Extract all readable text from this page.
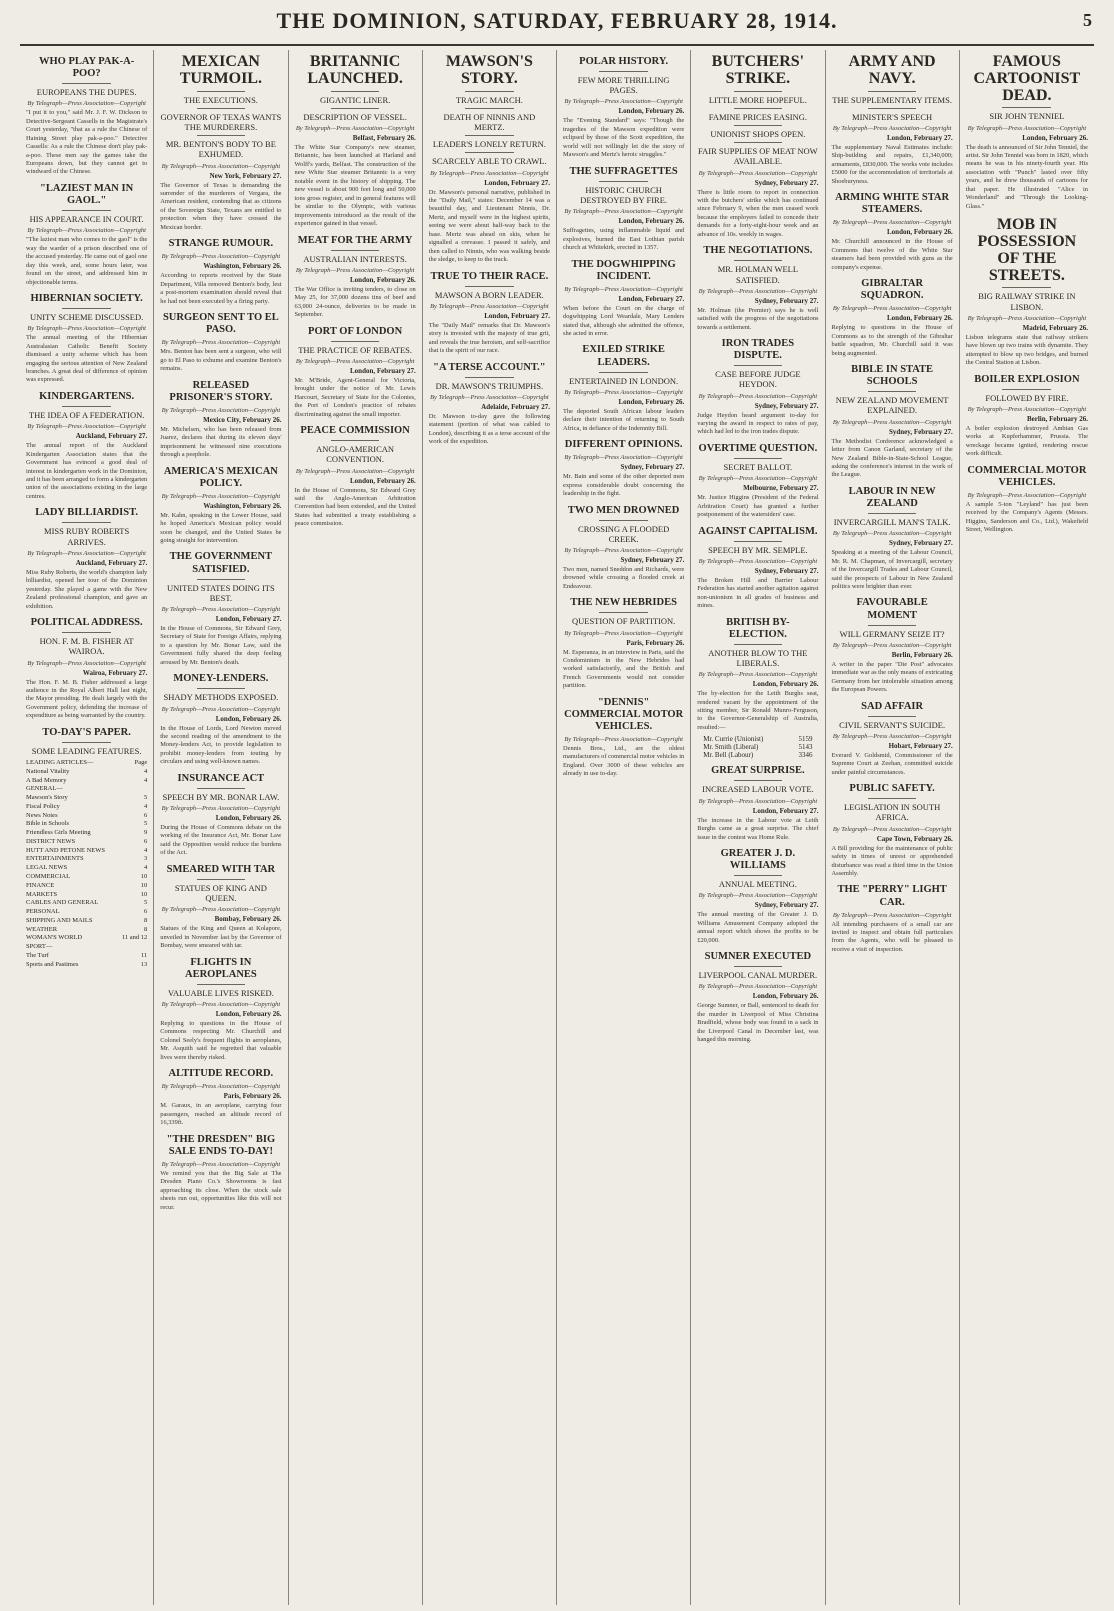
THE DOMINION, SATURDAY, FEBRUARY 28, 1914.	5
WHO PLAY PAK-A-POO?
EUROPEANS THE DUPES.
By Telegraph—Press Association—Copyright

"I put it to you," said Mr. J. F. W. Dickson to Detective-Sergeant Cassells in the Magistrate's Court yesterday, "that as a rule the Chinese of Haining Street play pak-a-poo." Detective Cassells: As a rule the Chinese don't play pak-a-poo. These men say the games take the Europeans down, but they cannot get to windward of the Chinese.

"LAZIEST MAN IN GAOL."
HIS APPEARANCE IN COURT.
By Telegraph—Press Association—Copyright

"The laziest man who comes to the gaol" is the way the warder of a prison described one of the accused yesterday. He came out of gaol one day this week, and, some hours later, was found on the street, and addressed him in objectionable terms.

HIBERNIAN SOCIETY.
UNITY SCHEME DISCUSSED.
By Telegraph—Press Association—Copyright

The annual meeting of the Hibernian Australasian Catholic Benefit Society dismissed a unity scheme which has been engaging the serious attention of New Zealand branches. A great deal of difference of opinion was expressed.

KINDERGARTENS.
THE IDEA OF A FEDERATION.
By Telegraph—Press Association—Copyright
Auckland, February 27.

The annual report of the Auckland Kindergarten Association states that the Government has evinced a good deal of interest in kindergarten work in the Dominion, and it has been arranged to form a kindergarten union of the associations existing in the large centres.

LADY BILLIARDIST.
MISS RUBY ROBERTS ARRIVES.
By Telegraph—Press Association—Copyright
Auckland, February 27.

Miss Ruby Roberts, the world's champion lady billiardist, opened her tour of the Dominion yesterday. She played a game with the New Zealand professional champion, and gave an exhibition.

POLITICAL ADDRESS.
HON. F. M. B. FISHER AT WAIROA.
By Telegraph—Press Association—Copyright
Wairoa, February 27.

The Hon. F. M. B. Fisher addressed a large audience in the Royal Albert Hall last night, the Mayor presiding. He dealt largely with the Government policy, defending the increase of expenditure as being warranted by the country.

TO-DAY'S PAPER.
SOME LEADING FEATURES.
LEADING ARTICLES—	Page
National Vitality	4
A Bad Memory	4
GENERAL—
Mawson's Story	5
Fiscal Policy	4
News Notes	6
Bible in Schools	5
Friendless Girls Meeting	9
DISTRICT NEWS	6
HUTT AND PETONE NEWS	4
ENTERTAINMENTS	3
LEGAL NEWS	4
COMMERCIAL	10
FINANCE	10
MARKETS	10
CABLES AND GENERAL	5
PERSONAL	6
SHIPPING AND MAILS	8
WEATHER	8
WOMAN'S WORLD	11 and 12
SPORT—
The Turf	11
Sports and Pastimes	13
MEXICAN TURMOIL.
THE EXECUTIONS.
GOVERNOR OF TEXAS WANTS THE MURDERERS.
MR. BENTON'S BODY TO BE EXHUMED.
By Telegraph—Press Association—Copyright
New York, February 27.

The Governor of Texas is demanding the surrender of the murderers of Vergara, the American resident, contending that as citizens of the Sovereign State, Texans are entitled to protection when they have crossed the Mexican border.

STRANGE RUMOUR.
By Telegraph—Press Association—Copyright
Washington, February 26.

According to reports received by the State Department, Villa removed Benton's body, lest a post-mortem examination should reveal that he had not been executed by a firing party.

SURGEON SENT TO EL PASO.
By Telegraph—Press Association—Copyright

Mrs. Benton has been sent a surgeon, who will go to El Paso to exhume and examine Benton's remains.

RELEASED PRISONER'S STORY.
By Telegraph—Press Association—Copyright
Mexico City, February 26.

Mr. Michelsen, who has been released from Juarez, declares that during its eleven days' imprisonment he witnessed nine executions through a peephole.

AMERICA'S MEXICAN POLICY.
By Telegraph—Press Association—Copyright
Washington, February 26.

Mr. Kahn, speaking in the Lower House, said he hoped America's Mexican policy would soon be changed, and the United States be going straight for intervention.

THE GOVERNMENT SATISFIED.
UNITED STATES DOING ITS BEST.
By Telegraph—Press Association—Copyright
London, February 27.

In the House of Commons, Sir Edward Grey, Secretary of State for Foreign Affairs, replying to a question by Mr. Bonar Law, said the Government fully shared the deep feeling aroused by Mr. Benton's death.

MONEY-LENDERS.
SHADY METHODS EXPOSED.
By Telegraph—Press Association—Copyright
London, February 26.

In the House of Lords, Lord Newton moved the second reading of the amendment to the Money-lenders Act, to provide legislation to prohibit money-lenders from touting by circulars and using well-known names.

INSURANCE ACT
SPEECH BY MR. BONAR LAW.
By Telegraph—Press Association—Copyright
London, February 26.

During the House of Commons debate on the working of the Insurance Act, Mr. Bonar Law said the Opposition would reduce the burdens of the Act.

SMEARED WITH TAR
STATUES OF KING AND QUEEN.
By Telegraph—Press Association—Copyright
Bombay, February 26.

Statues of the King and Queen at Kolapore, unveiled in November last by the Governor of Bombay, were smeared with tar.

FLIGHTS IN AEROPLANES
VALUABLE LIVES RISKED.
By Telegraph—Press Association—Copyright
London, February 26.

Replying to questions in the House of Commons respecting Mr. Churchill and Colonel Seely's frequent flights in aeroplanes, Mr. Asquith said he regretted that valuable lives were thereby risked.

ALTITUDE RECORD.
By Telegraph—Press Association—Copyright
Paris, February 26.

M. Garaux, in an aeroplane, carrying four passengers, reached an altitude record of 16,339ft.

"THE DRESDEN" BIG SALE ENDS TO-DAY!
By Telegraph—Press Association—Copyright

We remind you that the Big Sale at The Dresden Piano Co.'s Showrooms is fast approaching its close. When the stock sale sheets run out, opportunities like this will not recur.

BRITANNIC LAUNCHED.
GIGANTIC LINER.
DESCRIPTION OF VESSEL.
By Telegraph—Press Association—Copyright
Belfast, February 26.

The White Star Company's new steamer, Britannic, has been launched at Harland and Wolff's yards, Belfast. The construction of the new White Star steamer Britannic is a very notable event in the history of shipping. The new vessel is about 900 feet long and 50,000 tons gross register, and in general features will be similar to the Olympic, with various improvements introduced as the result of the experience gained in that vessel.

MEAT FOR THE ARMY
AUSTRALIAN INTERESTS.
By Telegraph—Press Association—Copyright
London, February 26.

The War Office is inviting tenders, to close on May 25, for 37,000 dozens tins of beef and 63,000 24-ounce, deliveries to be made in September.

PORT OF LONDON
THE PRACTICE OF REBATES.
By Telegraph—Press Association—Copyright
London, February 27.

Mr. M'Bride, Agent-General for Victoria, brought under the notice of Mr. Lewis Harcourt, Secretary of State for the Colonies, the Port of London's practice of rebates discriminating against the small importer.

PEACE COMMISSION
ANGLO-AMERICAN CONVENTION.
By Telegraph—Press Association—Copyright
London, February 26.

In the House of Commons, Sir Edward Grey said the Anglo-American Arbitration Convention had been extended, and the United States had submitted a treaty establishing a peace commission.

MAWSON'S STORY.
TRAGIC MARCH.
DEATH OF NINNIS AND MERTZ.
LEADER'S LONELY RETURN.
SCARCELY ABLE TO CRAWL.
By Telegraph—Press Association—Copyright
London, February 27.

Dr. Mawson's personal narrative, published in the "Daily Mail," states: December 14 was a beautiful day, and Lieutenant Ninnis, Dr. Mertz, and myself were in the highest spirits, seeing we were about half-way back to the base. Mertz was ahead on skis, when he signalled a crevasse. I passed it safely, and then called to Ninnis, who was walking beside the sledge, to keep to the track.

TRUE TO THEIR RACE.
MAWSON A BORN LEADER.
By Telegraph—Press Association—Copyright
London, February 27.

The "Daily Mail" remarks that Dr. Mawson's story is invested with the majesty of true grit, and reveals the true heroism, and self-sacrifice that is the spirit of our race.

"A TERSE ACCOUNT."
DR. MAWSON'S TRIUMPHS.
By Telegraph—Press Association—Copyright
Adelaide, February 27.

Dr. Mawson to-day gave the following statement (portion of what was cabled to London), describing it as a terse account of the work of the expedition.

POLAR HISTORY.
FEW MORE THRILLING PAGES.
By Telegraph—Press Association—Copyright
London, February 26.

The "Evening Standard" says: "Though the tragedies of the Mawson expedition were eclipsed by those of the Scott expedition, the world will not willingly let die the story of Mawson's and Mertz's heroic struggles."

THE SUFFRAGETTES
HISTORIC CHURCH DESTROYED BY FIRE.
By Telegraph—Press Association—Copyright
London, February 26.

Suffragettes, using inflammable liquid and explosives, burned the East Lothian parish church at Whitekirk, erected in 1357.

THE DOGWHIPPING INCIDENT.
By Telegraph—Press Association—Copyright
London, February 27.

When before the Court on the charge of dogwhipping Lord Weardale, Mary Lenders stated that, although she admitted the offence, she acted in error.

EXILED STRIKE LEADERS.
ENTERTAINED IN LONDON.
By Telegraph—Press Association—Copyright
London, February 26.

The deported South African labour leaders declare their intention of returning to South Africa, in defiance of the Indemnity Bill.

DIFFERENT OPINIONS.
By Telegraph—Press Association—Copyright
Sydney, February 27.

Mr. Bain and some of the other deported men express considerable doubt concerning the leadership in the fight.

TWO MEN DROWNED
CROSSING A FLOODED CREEK.
By Telegraph—Press Association—Copyright
Sydney, February 27.

Two men, named Sneddon and Richards, were drowned while crossing a flooded creek at Endeavour.

THE NEW HEBRIDES
QUESTION OF PARTITION.
By Telegraph—Press Association—Copyright
Paris, February 26.

M. Esperanza, in an interview in Paris, said the Condominium in the New Hebrides had worked satisfactorily, and the British and French Governments would not consider partition.

"DENNIS" COMMERCIAL MOTOR VEHICLES.
By Telegraph—Press Association—Copyright

Dennis Bros., Ltd., are the oldest manufacturers of commercial motor vehicles in England. Over 3000 of these vehicles are already in use to-day.

BUTCHERS' STRIKE.
LITTLE MORE HOPEFUL.
FAMINE PRICES EASING.
UNIONIST SHOPS OPEN.
FAIR SUPPLIES OF MEAT NOW AVAILABLE.
By Telegraph—Press Association—Copyright
Sydney, February 27.

There is little room to report in connection with the butchers' strike which has continued since February 9, when the men ceased work because the employers failed to concede their demands for a forty-eight-hour week and an advance of 10s. weekly in wages.

THE NEGOTIATIONS.
MR. HOLMAN WELL SATISFIED.
By Telegraph—Press Association—Copyright
Sydney, February 27.

Mr. Holman (the Premier) says he is well satisfied with the progress of the negotiations towards a settlement.

IRON TRADES DISPUTE.
CASE BEFORE JUDGE HEYDON.
By Telegraph—Press Association—Copyright
Sydney, February 27.

Judge Heydon heard argument to-day for varying the award in respect to rates of pay, which had led to the iron trades dispute.

OVERTIME QUESTION.
SECRET BALLOT.
By Telegraph—Press Association—Copyright
Melbourne, February 27.

Mr. Justice Higgins (President of the Federal Arbitration Court) has granted a further postponement of the watersiders' case.

AGAINST CAPITALISM.
SPEECH BY MR. SEMPLE.
By Telegraph—Press Association—Copyright
Sydney, February 27.

The Broken Hill and Barrier Labour Federation has started another agitation against non-unionism in all grades of business and mines.

BRITISH BY-ELECTION.
ANOTHER BLOW TO THE LIBERALS.
By Telegraph—Press Association—Copyright
London, February 26.

The by-election for the Leith Burghs seat, rendered vacant by the appointment of the sitting member, Sir Ronald Munro-Ferguson, to the Governor-Generalship of Australia, resulted:—

Mr. Currie (Unionist)	5159
Mr. Smith (Liberal)	5143
Mr. Bell (Labour)	3346
GREAT SURPRISE.
INCREASED LABOUR VOTE.
By Telegraph—Press Association—Copyright
London, February 27.

The increase in the Labour vote at Leith Burghs came as a great surprise. The chief issue in the contest was Home Rule.

GREATER J. D. WILLIAMS
ANNUAL MEETING.
By Telegraph—Press Association—Copyright
Sydney, February 27.

The annual meeting of the Greater J. D. Williams Amusement Company adopted the annual report which shows the profits to be £20,000.

SUMNER EXECUTED
LIVERPOOL CANAL MURDER.
By Telegraph—Press Association—Copyright
London, February 26.

George Sumner, or Ball, sentenced to death for the murder in Liverpool of Miss Christina Bradfield, whose body was found in a sack in the Liverpool Canal in December last, was hanged this morning.

ARMY AND NAVY.
THE SUPPLEMENTARY ITEMS.
MINISTER'S SPEECH
By Telegraph—Press Association—Copyright
London, February 27.

The supplementary Naval Estimates include: Ship-building and repairs, £1,340,000; armaments, £830,000. The works vote includes £5000 for the accommodation of territorials at Shoeburyness.

ARMING WHITE STAR STEAMERS.
By Telegraph—Press Association—Copyright
London, February 26.

Mr. Churchill announced in the House of Commons that twelve of the White Star steamers had been provided with guns as the company's expense.

GIBRALTAR SQUADRON.
By Telegraph—Press Association—Copyright
London, February 26.

Replying to questions in the House of Commons as to the strength of the Gibraltar battle squadron, Mr. Churchill said it was being augmented.

BIBLE IN STATE SCHOOLS
NEW ZEALAND MOVEMENT EXPLAINED.
By Telegraph—Press Association—Copyright
Sydney, February 27.

The Methodist Conference acknowledged a letter from Canon Garland, secretary of the New Zealand Bible-in-State-School League, asking the conference's interest in the work of the League.

LABOUR IN NEW ZEALAND
INVERCARGILL MAN'S TALK.
By Telegraph—Press Association—Copyright
Sydney, February 27.

Speaking at a meeting of the Labour Council, Mr. R. M. Chapman, of Invercargill, secretary of the Invercargill Trades and Labour Council, said the prospects of Labour in New Zealand politics were brighter than ever.

FAVOURABLE MOMENT
WILL GERMANY SEIZE IT?
By Telegraph—Press Association—Copyright
Berlin, February 26.

A writer in the paper "Die Post" advocates immediate war as the only means of extricating Germany from her intolerable situation among the European Powers.

SAD AFFAIR
CIVIL SERVANT'S SUICIDE.
By Telegraph—Press Association—Copyright
Hobart, February 27.

Everard V. Goldsmid, Commissioner of the Supreme Court at Zeehan, committed suicide under painful circumstances.

PUBLIC SAFETY.
LEGISLATION IN SOUTH AFRICA.
By Telegraph—Press Association—Copyright
Cape Town, February 26.

A Bill providing for the maintenance of public safety in times of unrest or apprehended disturbance was read a third time in the Union Assembly.

THE "PERRY" LIGHT CAR.
By Telegraph—Press Association—Copyright

All intending purchasers of a small car are invited to inspect and obtain full particulars from the Agents, who will be pleased to receive a visit of inspection.

FAMOUS CARTOONIST DEAD.
SIR JOHN TENNIEL
By Telegraph—Press Association—Copyright
London, February 26.

The death is announced of Sir John Tenniel, the artist. Sir John Tenniel was born in 1820, which means he was in his ninety-fourth year. His association with "Punch" lasted over fifty years, and he drew thousands of cartoons for that paper. He illustrated "Alice in Wonderland" and "Through the Looking-Glass."

MOB IN POSSESSION OF THE STREETS.
BIG RAILWAY STRIKE IN LISBON.
By Telegraph—Press Association—Copyright
Madrid, February 26.

Lisbon telegrams state that railway strikers have blown up two trains with dynamite. They attempted to blow up two bridges, and burned the Central Station at Lisbon.

BOILER EXPLOSION
FOLLOWED BY FIRE.
By Telegraph—Press Association—Copyright
Berlin, February 26.

A boiler explosion destroyed Ambian Gas works at Kupferhammer, Prussia. The wreckage became ignited, rendering rescue work difficult.

COMMERCIAL MOTOR VEHICLES.
By Telegraph—Press Association—Copyright

A sample 5-ton "Leyland" has just been received by the Company's Agents (Messrs. Higgins, Sanderson and Co., Ltd.), Wakefield Street, Wellington.
